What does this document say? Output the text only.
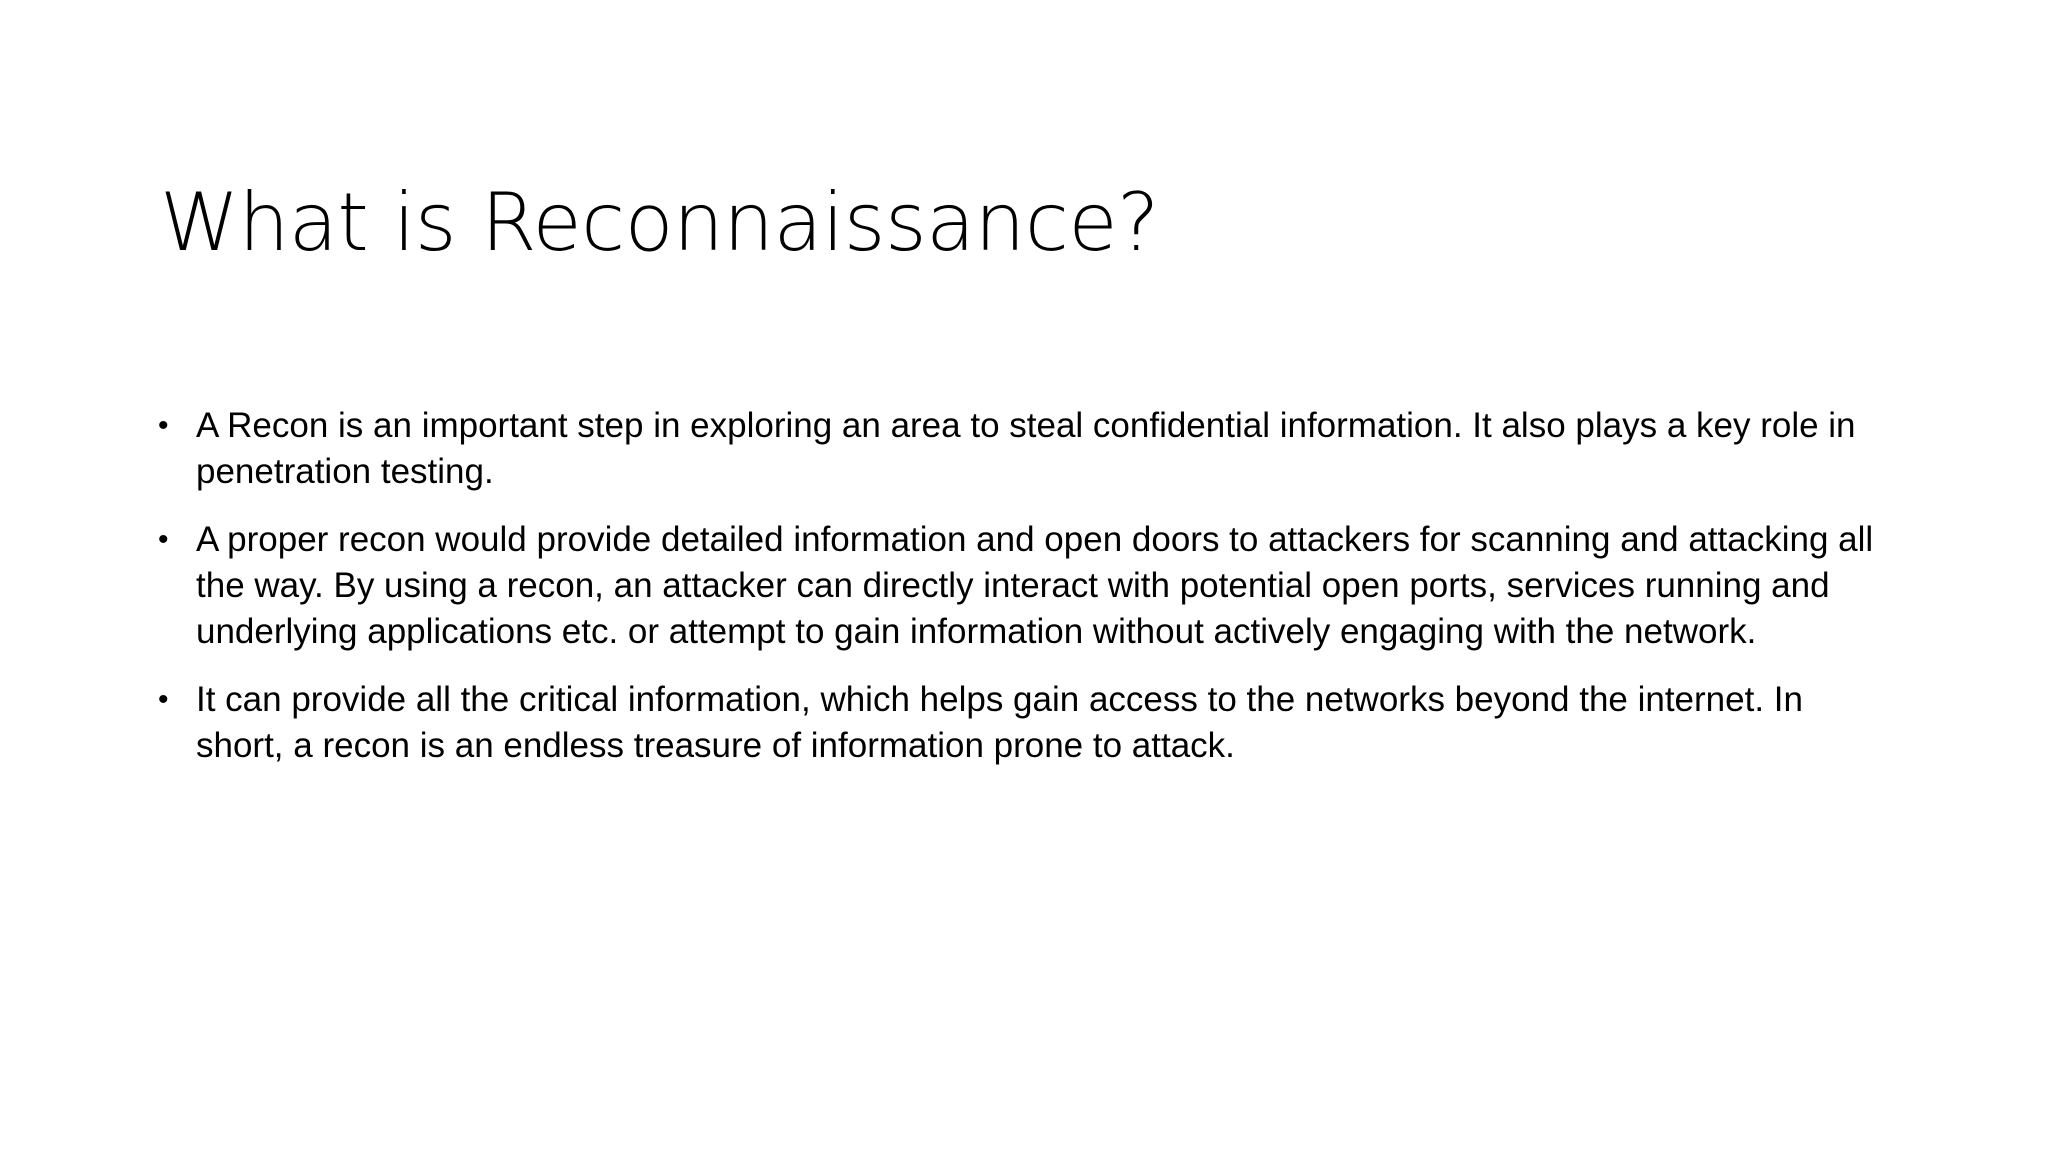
What is Reconnaissance?
• A Recon is an important step in exploring an area to steal confidential information. It also plays a key role in penetration testing.
• A proper recon would provide detailed information and open doors to attackers for scanning and attacking all the way. By using a recon, an attacker can directly interact with potential open ports, services running and underlying applications etc. or attempt to gain information without actively engaging with the network.
• It can provide all the critical information, which helps gain access to the networks beyond the internet. In short, a recon is an endless treasure of information prone to attack.
